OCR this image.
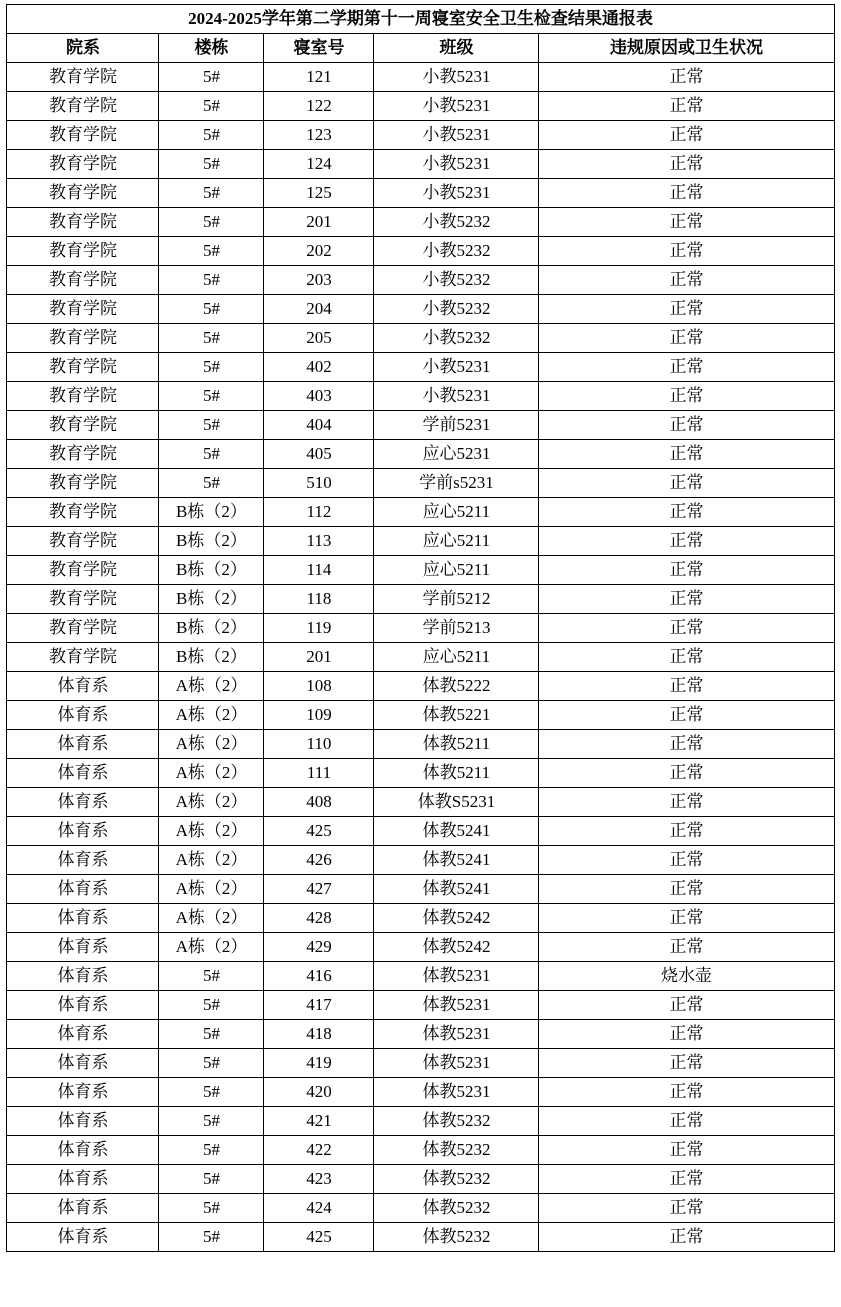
2024-2025学年第二学期第十一周寝室安全卫生检查结果通报表				
院系	楼栋	寝室号	班级	违规原因或卫生状况
教育学院	5#	121	小教5231	正常
教育学院	5#	122	小教5231	正常
教育学院	5#	123	小教5231	正常
教育学院	5#	124	小教5231	正常
教育学院	5#	125	小教5231	正常
教育学院	5#	201	小教5232	正常
教育学院	5#	202	小教5232	正常
教育学院	5#	203	小教5232	正常
教育学院	5#	204	小教5232	正常
教育学院	5#	205	小教5232	正常
教育学院	5#	402	小教5231	正常
教育学院	5#	403	小教5231	正常
教育学院	5#	404	学前5231	正常
教育学院	5#	405	应心5231	正常
教育学院	5#	510	学前s5231	正常
教育学院	B栋（2）	112	应心5211	正常
教育学院	B栋（2）	113	应心5211	正常
教育学院	B栋（2）	114	应心5211	正常
教育学院	B栋（2）	118	学前5212	正常
教育学院	B栋（2）	119	学前5213	正常
教育学院	B栋（2）	201	应心5211	正常
体育系	A栋（2）	108	体教5222	正常
体育系	A栋（2）	109	体教5221	正常
体育系	A栋（2）	110	体教5211	正常
体育系	A栋（2）	111	体教5211	正常
体育系	A栋（2）	408	体教S5231	正常
体育系	A栋（2）	425	体教5241	正常
体育系	A栋（2）	426	体教5241	正常
体育系	A栋（2）	427	体教5241	正常
体育系	A栋（2）	428	体教5242	正常
体育系	A栋（2）	429	体教5242	正常
体育系	5#	416	体教5231	烧水壶
体育系	5#	417	体教5231	正常
体育系	5#	418	体教5231	正常
体育系	5#	419	体教5231	正常
体育系	5#	420	体教5231	正常
体育系	5#	421	体教5232	正常
体育系	5#	422	体教5232	正常
体育系	5#	423	体教5232	正常
体育系	5#	424	体教5232	正常
体育系	5#	425	体教5232	正常
